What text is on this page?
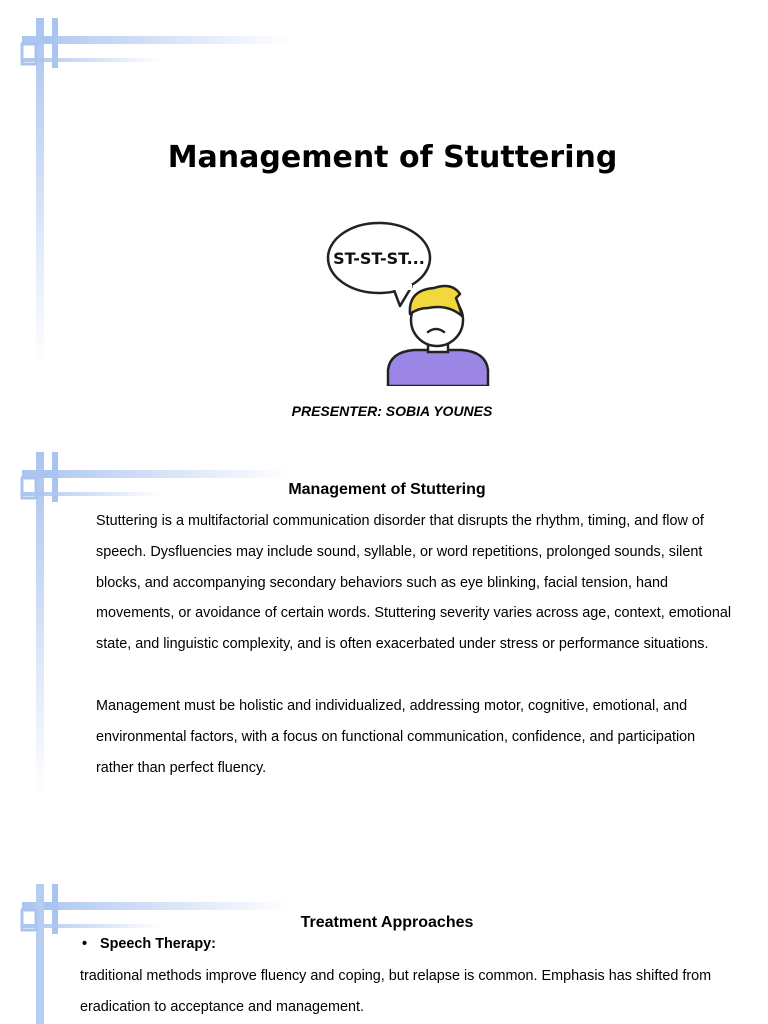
Management of Stuttering
ST-ST-ST...
PRESENTER: SOBIA YOUNES
Management of Stuttering

Stuttering is a multifactorial communication disorder that disrupts the rhythm, timing, and flow of speech. Dysfluencies may include sound, syllable, or word repetitions, prolonged sounds, silent blocks, and accompanying secondary behaviors such as eye blinking, facial tension, hand movements, or avoidance of certain words. Stuttering severity varies across age, context, emotional state, and linguistic complexity, and is often exacerbated under stress or performance situations.

Management must be holistic and individualized, addressing motor, cognitive, emotional, and environmental factors, with a focus on functional communication, confidence, and participation rather than perfect fluency.

Treatment Approaches
• Speech Therapy:

traditional methods improve fluency and coping, but relapse is common. Emphasis has shifted from eradication to acceptance and management.
